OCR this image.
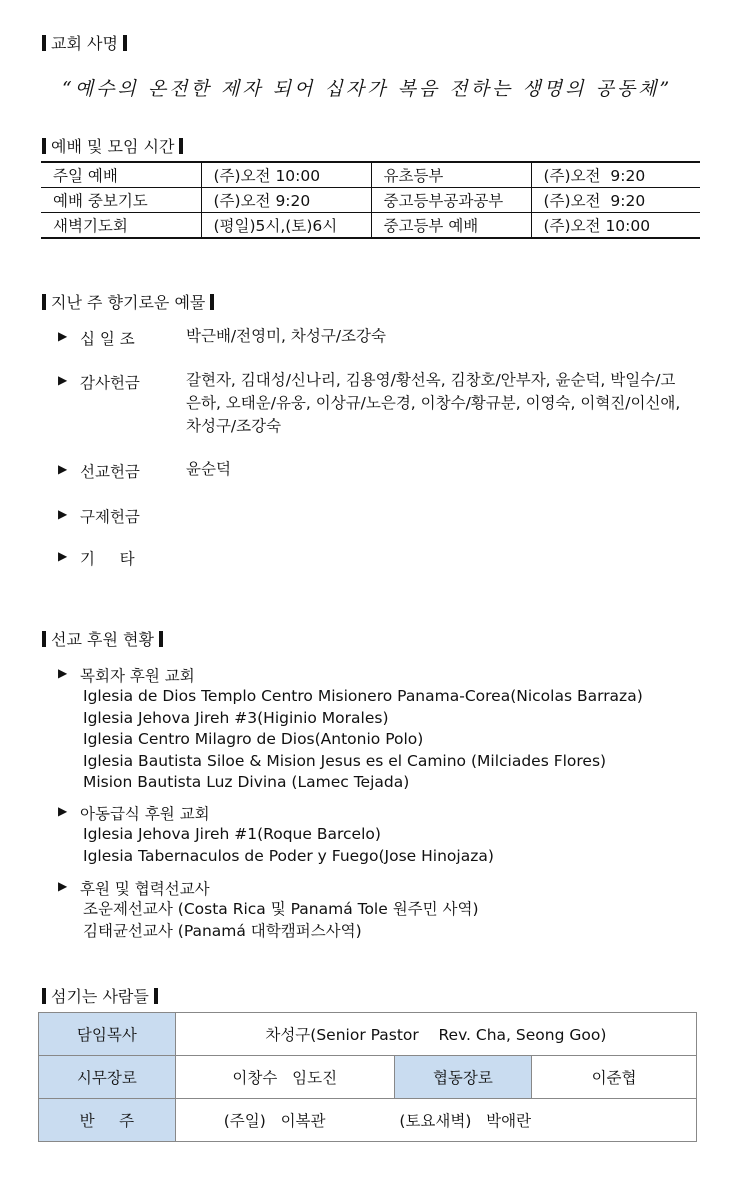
교회 사명
“예수의 온전한 제자 되어 십자가 복음 전하는 생명의 공동체”
예배 및 모임 시간
주일 예배	(주)오전 10:00	유초등부	(주)오전  9:20
예배 중보기도	(주)오전 9:20	중고등부공과공부	(주)오전  9:20
새벽기도회	(평일)5시,(토)6시	중고등부 예배	(주)오전 10:00
지난 주 향기로운 예물
▶ 십 일 조	박근배/전영미, 차성구/조강숙
▶ 감사헌금	갈현자, 김대성/신나리, 김용영/황선옥, 김창호/안부자, 윤순덕, 박일수/고은하, 오태운/유웅, 이상규/노은경, 이창수/황규분, 이영숙, 이혁진/이신애, 차성구/조강숙
▶ 선교헌금	윤순덕
▶ 구제헌금
▶ 기     타
선교 후원 현황
▶ 목회자 후원 교회
Iglesia de Dios Templo Centro Misionero Panama-Corea(Nicolas Barraza)
Iglesia Jehova Jireh #3(Higinio Morales)
Iglesia Centro Milagro de Dios(Antonio Polo)
Iglesia Bautista Siloe & Mision Jesus es el Camino (Milciades Flores)
Mision Bautista Luz Divina (Lamec Tejada)
▶ 아동급식 후원 교회
Iglesia Jehova Jireh #1(Roque Barcelo)
Iglesia Tabernaculos de Poder y Fuego(Jose Hinojaza)
▶ 후원 및 협력선교사
조운제선교사 (Costa Rica 및 Panamá Tole 원주민 사역)
김태균선교사 (Panamá 대학캠퍼스사역)
섬기는 사람들
담임목사	차성구(Senior Pastor    Rev. Cha, Seong Goo)		
시무장로	이창수   임도진	협동장로	이준협
반     주	(주일)   이복관               (토요새벽)   박애란		
